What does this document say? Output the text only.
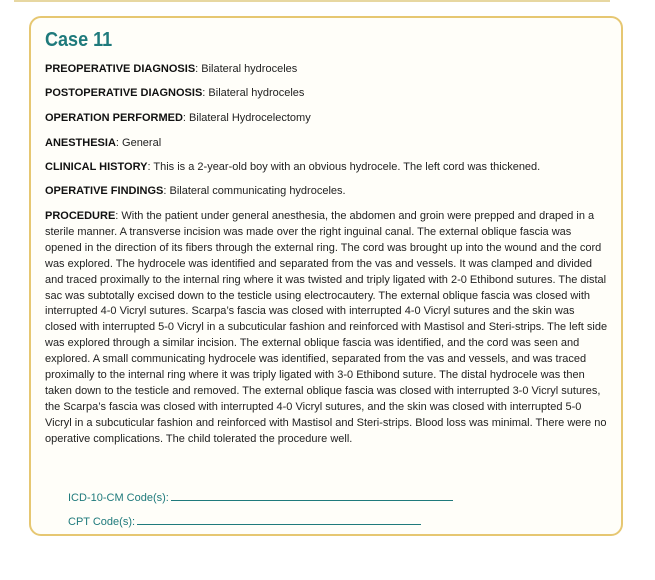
Case 11

PREOPERATIVE DIAGNOSIS: Bilateral hydroceles

POSTOPERATIVE DIAGNOSIS: Bilateral hydroceles

OPERATION PERFORMED: Bilateral Hydrocelectomy

ANESTHESIA: General

CLINICAL HISTORY: This is a 2-year-old boy with an obvious hydrocele. The left cord was thickened.

OPERATIVE FINDINGS: Bilateral communicating hydroceles.

PROCEDURE: With the patient under general anesthesia, the abdomen and groin were prepped and draped in a sterile manner. A transverse incision was made over the right inguinal canal. The external oblique fascia was opened in the direction of its fibers through the external ring. The cord was brought up into the wound and the cord was explored. The hydrocele was identified and separated from the vas and vessels. It was clamped and divided and traced proximally to the internal ring where it was twisted and triply ligated with 2-0 Ethibond sutures. The distal sac was subtotally excised down to the testicle using electrocautery. The external oblique fascia was closed with interrupted 4-0 Vicryl sutures. Scarpa’s fascia was closed with interrupted 4-0 Vicryl sutures and the skin was closed with interrupted 5-0 Vicryl in a subcuticular fashion and reinforced with Mastisol and Steri-strips. The left side was explored through a similar incision. The external oblique fascia was identified, and the cord was seen and explored. A small communicating hydrocele was identified, separated from the vas and vessels, and was traced proximally to the internal ring where it was triply ligated with 3-0 Ethibond suture. The distal hydrocele was then taken down to the testicle and removed. The external oblique fascia was closed with interrupted 3-0 Vicryl sutures, the Scarpa’s fascia was closed with interrupted 4-0 Vicryl sutures, and the skin was closed with interrupted 5-0 Vicryl in a subcuticular fashion and reinforced with Mastisol and Steri-strips. Blood loss was minimal. There were no operative complications. The child tolerated the procedure well.

ICD-10-CM Code(s):
CPT Code(s):
